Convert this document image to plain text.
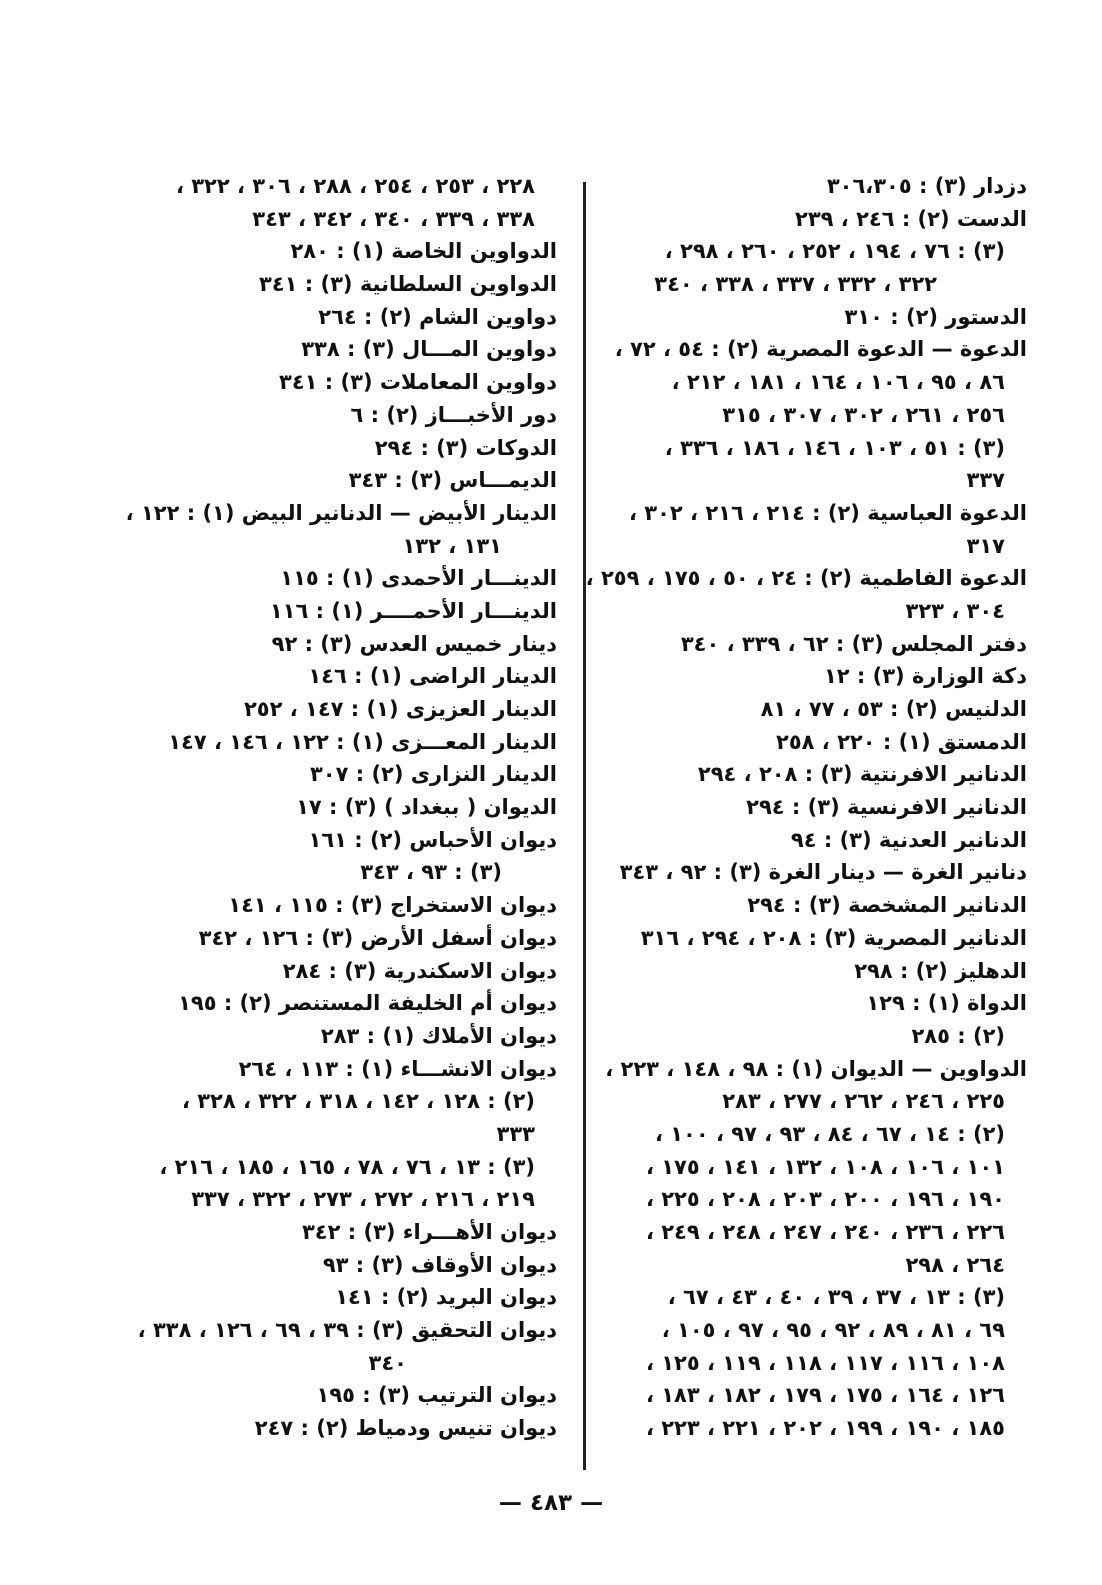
دزدار (٣) : ٣٠٦،٣٠٥
الدست (٢) : ٢٤٦ ، ٢٣٩
(٣) : ٧٦ ، ١٩٤ ، ٢٥٢ ، ٢٦٠ ، ٢٩٨ ،
٣٢٢ ، ٣٣٢ ، ٣٣٧ ، ٣٣٨ ، ٣٤٠
الدستور (٢) : ٣١٠
الدعوة — الدعوة المصرية (٢) : ٥٤ ، ٧٢ ،
٨٦ ، ٩٥ ، ١٠٦ ، ١٦٤ ، ١٨١ ، ٢١٢ ،
٢٥٦ ، ٢٦١ ، ٣٠٢ ، ٣٠٧ ، ٣١٥
(٣) : ٥١ ، ١٠٣ ، ١٤٦ ، ١٨٦ ، ٣٣٦ ،
٣٣٧
الدعوة العباسية (٢) : ٢١٤ ، ٢١٦ ، ٣٠٢ ،
٣١٧
الدعوة الفاطمية (٢) : ٢٤ ، ٥٠ ، ١٧٥ ، ٢٥٩ ،
٣٠٤ ، ٣٢٣
دفتر المجلس (٣) : ٦٢ ، ٣٣٩ ، ٣٤٠
دكة الوزارة (٣) : ١٢
الدلنيس (٢) : ٥٣ ، ٧٧ ، ٨١
الدمستق (١) : ٢٢٠ ، ٢٥٨
الدنانير الافرنتية (٣) : ٢٠٨ ، ٢٩٤
الدنانير الافرنسية (٣) : ٢٩٤
الدنانير العدنية (٣) : ٩٤
دنانير الغرة — دينار الغرة (٣) : ٩٢ ، ٣٤٣
الدنانير المشخصة (٣) : ٢٩٤
الدنانير المصرية (٣) : ٢٠٨ ، ٢٩٤ ، ٣١٦
الدهليز (٢) : ٢٩٨
الدواة (١) : ١٢٩
(٢) : ٢٨٥
الدواوين — الديوان (١) : ٩٨ ، ١٤٨ ، ٢٢٣ ،
٢٢٥ ، ٢٤٦ ، ٢٦٢ ، ٢٧٧ ، ٢٨٣
(٢) : ١٤ ، ٦٧ ، ٨٤ ، ٩٣ ، ٩٧ ، ١٠٠ ،
١٠١ ، ١٠٦ ، ١٠٨ ، ١٣٢ ، ١٤١ ، ١٧٥ ،
١٩٠ ، ١٩٦ ، ٢٠٠ ، ٢٠٣ ، ٢٠٨ ، ٢٢٥ ،
٢٢٦ ، ٢٣٦ ، ٢٤٠ ، ٢٤٧ ، ٢٤٨ ، ٢٤٩ ،
٢٦٤ ، ٢٩٨
(٣) : ١٣ ، ٣٧ ، ٣٩ ، ٤٠ ، ٤٣ ، ٦٧ ،
٦٩ ، ٨١ ، ٨٩ ، ٩٢ ، ٩٥ ، ٩٧ ، ١٠٥ ،
١٠٨ ، ١١٦ ، ١١٧ ، ١١٨ ، ١١٩ ، ١٢٥ ،
١٢٦ ، ١٦٤ ، ١٧٥ ، ١٧٩ ، ١٨٢ ، ١٨٣ ،
١٨٥ ، ١٩٠ ، ١٩٩ ، ٢٠٢ ، ٢٢١ ، ٢٢٣ ،
٢٢٨ ، ٢٥٣ ، ٢٥٤ ، ٢٨٨ ، ٣٠٦ ، ٣٢٢ ،
٣٣٨ ، ٣٣٩ ، ٣٤٠ ، ٣٤٢ ، ٣٤٣
الدواوين الخاصة (١) : ٢٨٠
الدواوين السلطانية (٣) : ٣٤١
دواوين الشام (٢) : ٢٦٤
دواوين المـــال (٣) : ٣٣٨
دواوين المعاملات (٣) : ٣٤١
دور الأخبـــاز (٢) : ٦
الدوكات (٣) : ٢٩٤
الديمـــاس (٣) : ٣٤٣
الدينار الأبيض — الدنانير البيض (١) : ١٢٢ ،
١٣١ ، ١٣٢
الدينـــار الأحمدى (١) : ١١٥
الدينـــار الأحمــــر (١) : ١١٦
دينار خميس العدس (٣) : ٩٢
الدينار الراضى (١) : ١٤٦
الدينار العزيزى (١) : ١٤٧ ، ٢٥٢
الدينار المعـــزى (١) : ١٢٢ ، ١٤٦ ، ١٤٧
الدينار النزارى (٢) : ٣٠٧
الديوان ( ببغداد ) (٣) : ١٧
ديوان الأحباس (٢) : ١٦١
(٣) : ٩٣ ، ٣٤٣
ديوان الاستخراج (٣) : ١١٥ ، ١٤١
ديوان أسفل الأرض (٣) : ١٢٦ ، ٣٤٢
ديوان الاسكندرية (٣) : ٢٨٤
ديوان أم الخليفة المستنصر (٢) : ١٩٥
ديوان الأملاك (١) : ٢٨٣
ديوان الانشـــاء (١) : ١١٣ ، ٢٦٤
(٢) : ١٢٨ ، ١٤٢ ، ٣١٨ ، ٣٢٢ ، ٣٢٨ ،
٣٣٣
(٣) : ١٣ ، ٧٦ ، ٧٨ ، ١٦٥ ، ١٨٥ ، ٢١٦ ،
٢١٩ ، ٢١٦ ، ٢٧٢ ، ٢٧٣ ، ٣٢٢ ، ٣٣٧
ديوان الأهـــراء (٣) : ٣٤٢
ديوان الأوقاف (٣) : ٩٣
ديوان البريد (٢) : ١٤١
ديوان التحقيق (٣) : ٣٩ ، ٦٩ ، ١٢٦ ، ٣٣٨ ،
٣٤٠
ديوان الترتيب (٣) : ١٩٥
ديوان تنيس ودمياط (٢) : ٢٤٧
— ٤٨٣ —
